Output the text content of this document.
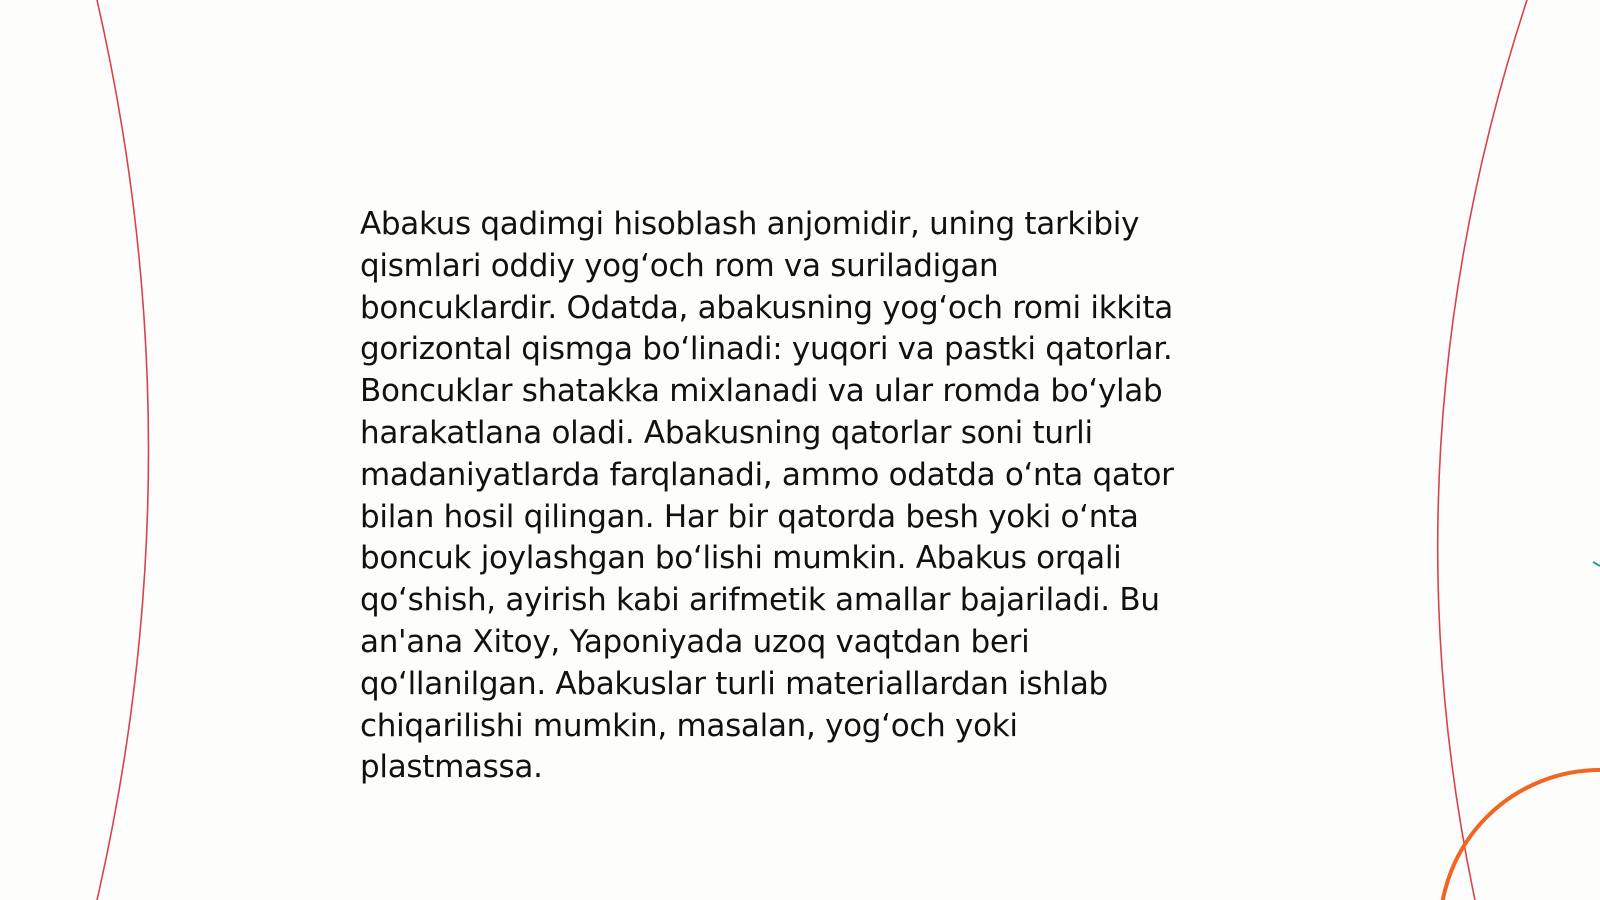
Abakus qadimgi hisoblash anjomidir, uning tarkibiy
qismlari oddiy yog‘och rom va suriladigan
boncuklardir. Odatda, abakusning yog‘och romi ikkita
gorizontal qismga bo‘linadi: yuqori va pastki qatorlar.
Boncuklar shatakka mixlanadi va ular romda bo‘ylab
harakatlana oladi. Abakusning qatorlar soni turli
madaniyatlarda farqlanadi, ammo odatda o‘nta qator
bilan hosil qilingan. Har bir qatorda besh yoki o‘nta
boncuk joylashgan bo‘lishi mumkin. Abakus orqali
qo‘shish, ayirish kabi arifmetik amallar bajariladi. Bu
an'ana Xitoy, Yaponiyada uzoq vaqtdan beri
qo‘llanilgan. Abakuslar turli materiallardan ishlab
chiqarilishi mumkin, masalan, yog‘och yoki
plastmassa.
